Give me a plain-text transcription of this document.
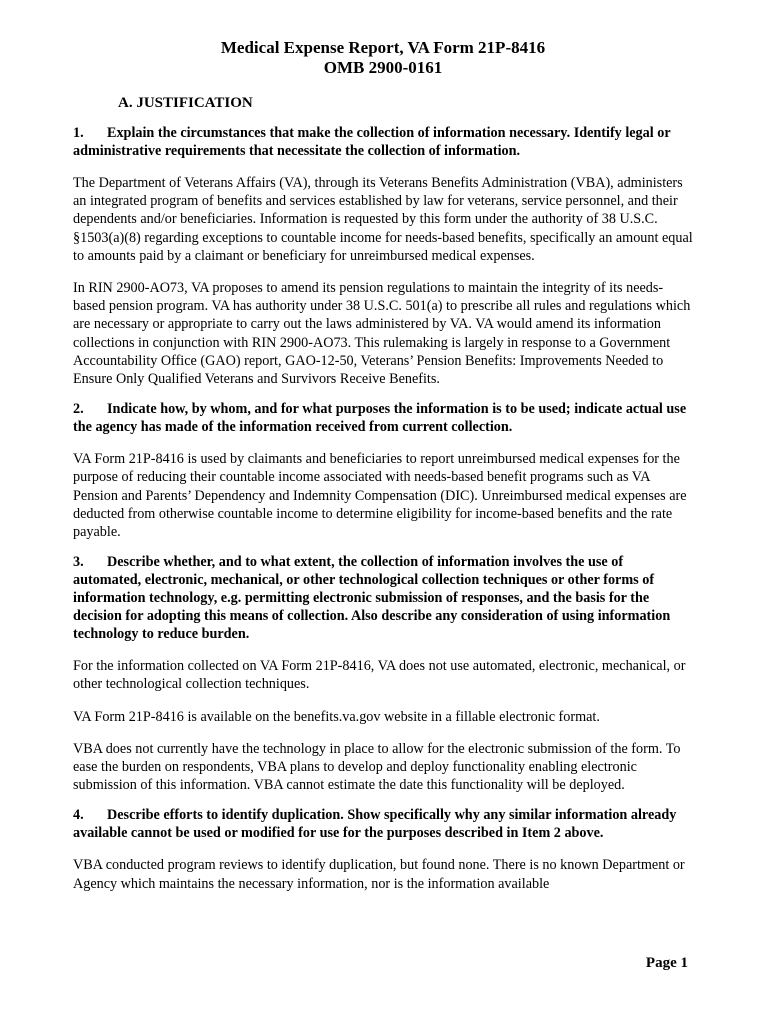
Medical Expense Report, VA Form 21P-8416

OMB 2900-0161

A. JUSTIFICATION

1. Explain the circumstances that make the collection of information necessary. Identify legal or administrative requirements that necessitate the collection of information.

The Department of Veterans Affairs (VA), through its Veterans Benefits Administration (VBA), administers an integrated program of benefits and services established by law for veterans, service personnel, and their dependents and/or beneficiaries. Information is requested by this form under the authority of 38 U.S.C. §1503(a)(8) regarding exceptions to countable income for needs-based benefits, specifically an amount equal to amounts paid by a claimant or beneficiary for unreimbursed medical expenses.

In RIN 2900-AO73, VA proposes to amend its pension regulations to maintain the integrity of its needs-based pension program. VA has authority under 38 U.S.C. 501(a) to prescribe all rules and regulations which are necessary or appropriate to carry out the laws administered by VA. VA would amend its information collections in conjunction with RIN 2900-AO73. This rulemaking is largely in response to a Government Accountability Office (GAO) report, GAO-12-50, Veterans’ Pension Benefits: Improvements Needed to Ensure Only Qualified Veterans and Survivors Receive Benefits.

2. Indicate how, by whom, and for what purposes the information is to be used; indicate actual use the agency has made of the information received from current collection.

VA Form 21P-8416 is used by claimants and beneficiaries to report unreimbursed medical expenses for the purpose of reducing their countable income associated with needs-based benefit programs such as VA Pension and Parents’ Dependency and Indemnity Compensation (DIC). Unreimbursed medical expenses are deducted from otherwise countable income to determine eligibility for income-based benefits and the rate payable.

3. Describe whether, and to what extent, the collection of information involves the use of automated, electronic, mechanical, or other technological collection techniques or other forms of information technology, e.g. permitting electronic submission of responses, and the basis for the decision for adopting this means of collection. Also describe any consideration of using information technology to reduce burden.

For the information collected on VA Form 21P-8416, VA does not use automated, electronic, mechanical, or other technological collection techniques.

VA Form 21P-8416 is available on the benefits.va.gov website in a fillable electronic format.

VBA does not currently have the technology in place to allow for the electronic submission of the form. To ease the burden on respondents, VBA plans to develop and deploy functionality enabling electronic submission of this information. VBA cannot estimate the date this functionality will be deployed.

4. Describe efforts to identify duplication. Show specifically why any similar information already available cannot be used or modified for use for the purposes described in Item 2 above.

VBA conducted program reviews to identify duplication, but found none. There is no known Department or Agency which maintains the necessary information, nor is the information available

Page 1
